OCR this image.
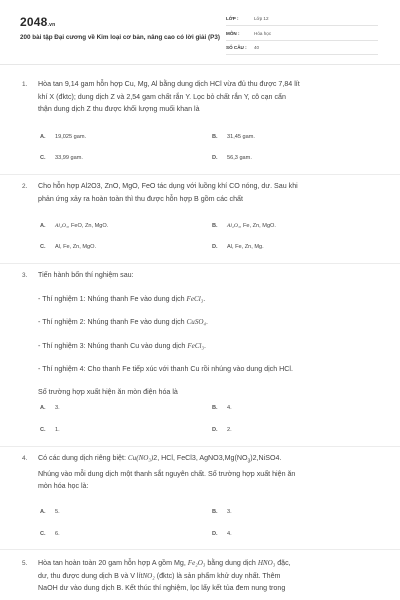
2048.vn
200 bài tập Đại cương về Kim loại cơ bản, nâng cao có lời giải (P3)
LỚP :	Lớp 12
MÔN :	Hóa học
SỐ CÂU : 40
1. Hòa tan 9,14 gam hỗn hợp Cu, Mg, Al bằng dung dịch HCl vừa đủ thu được 7,84 lít
khí X (đktc); dung dịch Z và 2,54 gam chất rắn Y. Lọc bỏ chất rắn Y, cô cạn cẩn
thận dung dịch Z thu được khối lượng muối khan là
A. 19,025 gam.	B. 31,45 gam.
C. 33,99 gam.	D. 56,3 gam.
2. Cho hỗn hợp Al2O3, ZnO, MgO, FeO tác dụng với luồng khí CO nóng, dư. Sau khi
phản ứng xảy ra hoàn toàn thì thu được hỗn hợp B gồm các chất
A. Al₂O₃, FeO, Zn, MgO.	B. Al₂O₃, Fe, Zn, MgO.
C. Al, Fe, Zn, MgO.	D. Al, Fe, Zn, Mg.
3. Tiến hành bốn thí nghiệm sau:
- Thí nghiệm 1: Nhúng thanh Fe vào dung dịch FeCl₃.
- Thí nghiệm 2: Nhúng thanh Fe vào dung dịch CuSO₄.
- Thí nghiệm 3: Nhúng thanh Cu vào dung dịch FeCl₃.
- Thí nghiệm 4: Cho thanh Fe tiếp xúc với thanh Cu rồi nhúng vào dung dịch HCl.
Số trường hợp xuất hiện ăn mòn điện hóa là
A. 3.	B. 4.
C. 1.	D. 2.
4. Có các dung dịch riêng biệt: Cu(NO₃)2, HCl, FeCl3, $AgNO3,Mg(NO_3)2,NiSO4$.
Nhúng vào mỗi dung dịch một thanh sắt nguyên chất. Số trường hợp xuất hiện ăn
mòn hóa học là:
A. 5.	B. 3.
C. 6.	D. 4.
5. Hòa tan hoàn toàn 20 gam hỗn hợp A gồm Mg, Fe₂O₃ bằng dung dịch HNO₃ đặc,
dư, thu được dung dịch B và V lítNO₂ (đktc) là sản phẩm khử duy nhất. Thêm
NaOH dư vào dung dịch B. Kết thúc thí nghiệm, lọc lấy kết tủa đem nung trong
